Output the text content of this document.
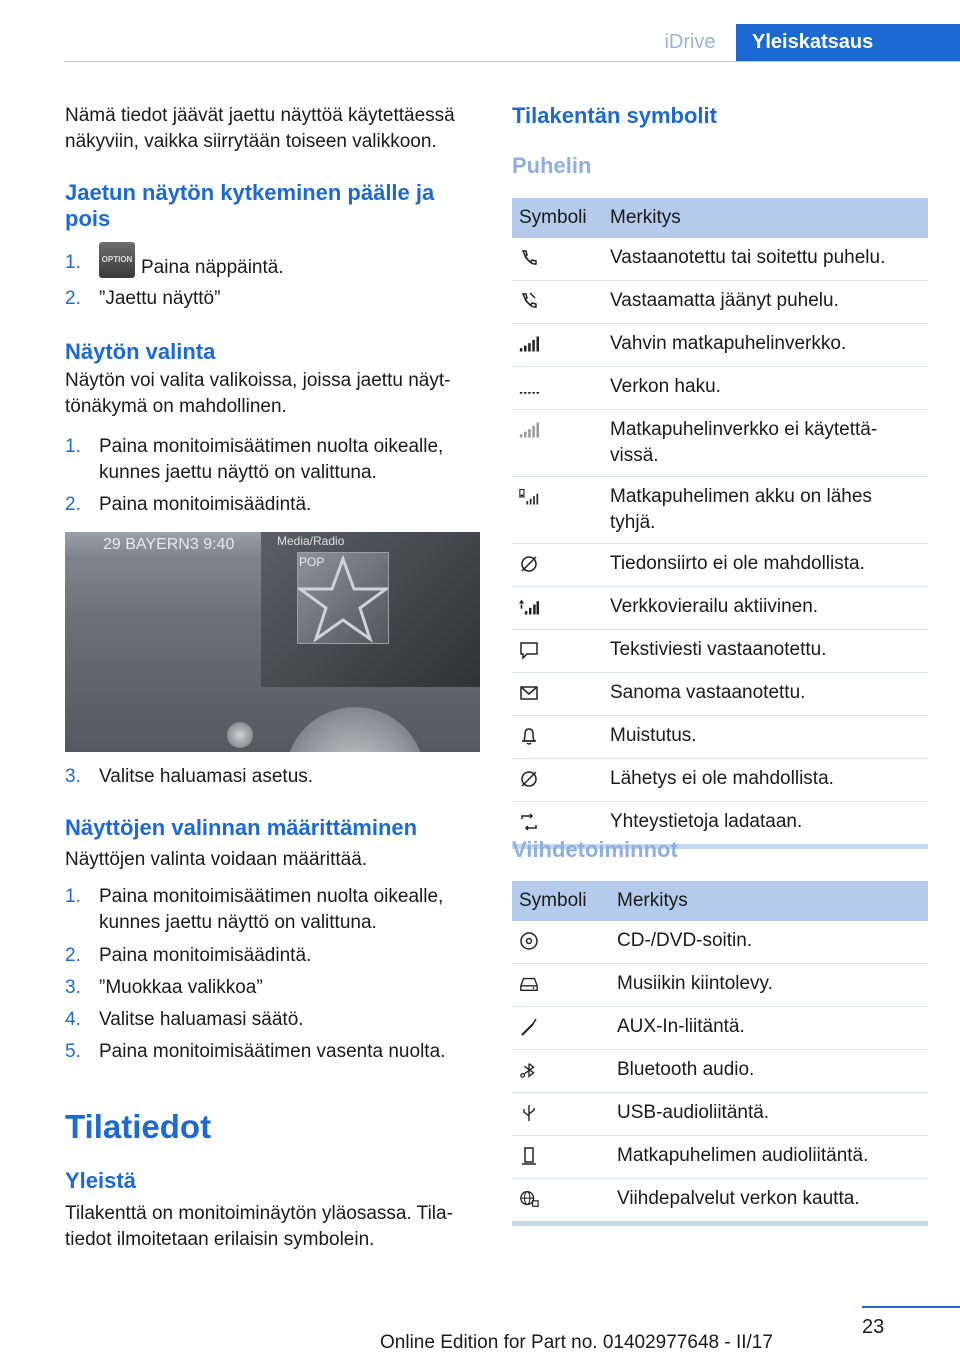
iDrive	Yleiskatsaus
Nämä tiedot jäävät jaettu näyttöä käytettäessä näkyviin, vaikka siirrytään toiseen valikkoon.
Jaetun näytön kytkeminen päälle ja pois
1.	OPTION Paina näppäintä.
2. ”Jaettu näyttö”
Näytön valinta
Näytön voi valita valikoissa, joissa jaettu näyt‐tönäkymä on mahdollinen.
1. Paina monitoimisäätimen nuolta oikealle, kunnes jaettu näyttö on valittuna.
2. Paina monitoimisäädintä.
29 BAYERN3 9:40	Media/Radio
POP
3. Valitse haluamasi asetus.
Näyttöjen valinnan määrittäminen
Näyttöjen valinta voidaan määrittää.
1. Paina monitoimisäätimen nuolta oikealle, kunnes jaettu näyttö on valittuna.
2. Paina monitoimisäädintä.
3. ”Muokkaa valikkoa”
4. Valitse haluamasi säätö.
5. Paina monitoimisäätimen vasenta nuolta.
Tilatiedot
Yleistä
Tilakenttä on monitoiminäytön yläosassa. Tila‐tiedot ilmoitetaan erilaisin symbolein.
Tilakentän symbolit
Puhelin
Symboli	Merkitys
	Vastaanotettu tai soitettu puhelu.
	Vastaamatta jäänyt puhelu.
	Vahvin matkapuhelinverkko.
	Verkon haku.
	Matkapuhelinverkko ei käytettä‐vissä.
	Matkapuhelimen akku on lähes tyhjä.
	Tiedonsiirto ei ole mahdollista.
	Verkkovierailu aktiivinen.
	Tekstiviesti vastaanotettu.
	Sanoma vastaanotettu.
	Muistutus.
	Lähetys ei ole mahdollista.
	Yhteystietoja ladataan.
Viihdetoiminnot
Symboli	Merkitys
	CD-/DVD-soitin.
	Musiikin kiintolevy.
	AUX-In-liitäntä.
	Bluetooth audio.
	USB-audioliitäntä.
	Matkapuhelimen audioliitäntä.
	Viihdepalvelut verkon kautta.
23
Online Edition for Part no. 01402977648 - II/17
